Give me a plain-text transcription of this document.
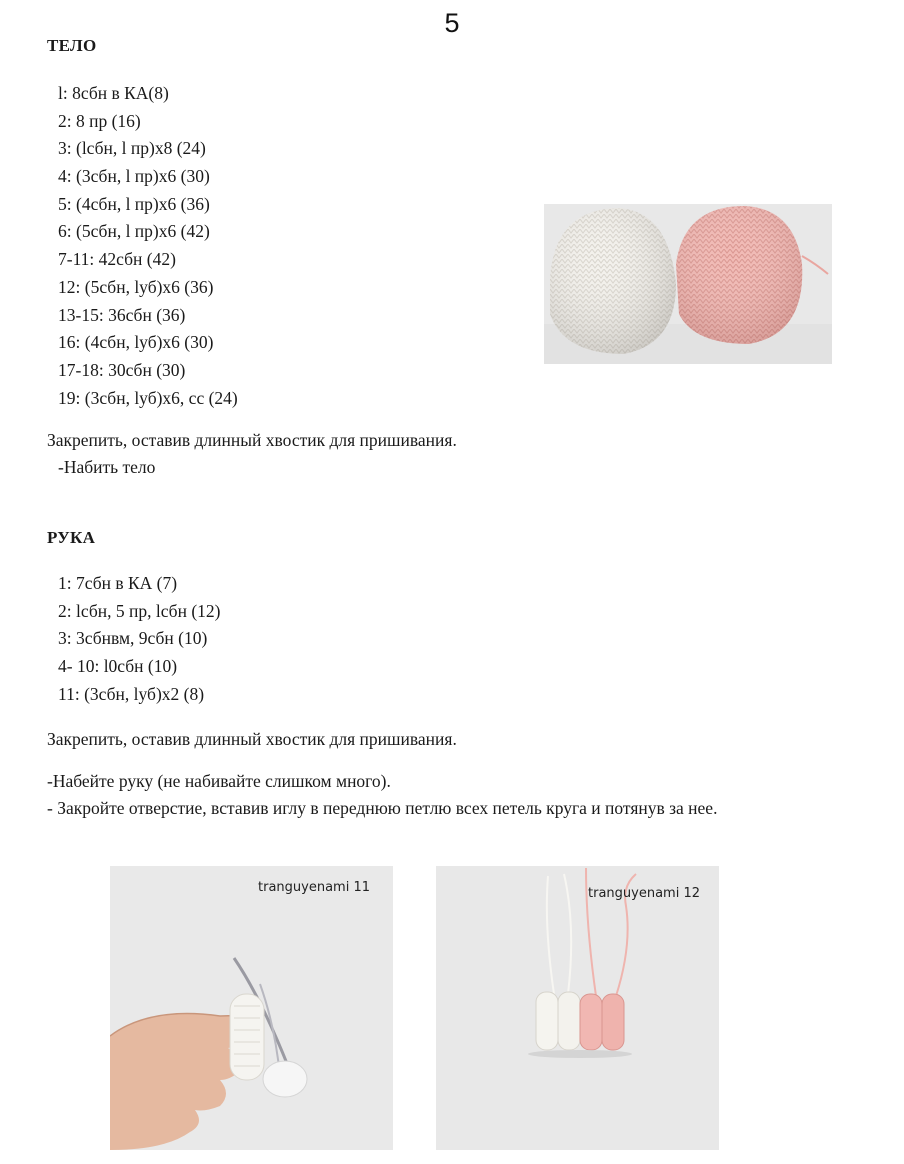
5
ТЕЛО
l: 8сбн в КА(8)
2: 8 пр (16)
3: (lсбн, l пр)х8 (24)
4: (3сбн, l пр)х6 (30)
5: (4сбн, l пр)х6 (36)
6: (5сбн, l пр)х6 (42)
7-11: 42сбн (42)
12: (5сбн, lуб)х6 (36)
13-15: 36сбн (36)
16: (4сбн, lуб)х6 (30)
17-18: 30сбн (30)
19: (3сбн, lуб)х6, сс (24)
Закрепить, оставив длинный хвостик для пришивания.
-Набить тело
РУКА
1: 7сбн в КА (7)
2: lсбн, 5 пр, lсбн (12)
3: 3сбнвм, 9сбн (10)
4- 10: l0сбн (10)
11: (3сбн, lуб)х2 (8)
Закрепить, оставив длинный хвостик для пришивания.
-Набейте руку (не набивайте слишком много).
- Закройте отверстие, вставив иглу в переднюю петлю всех петель круга и потянув за нее.
tranguyenami 11	tranguyenami 12
